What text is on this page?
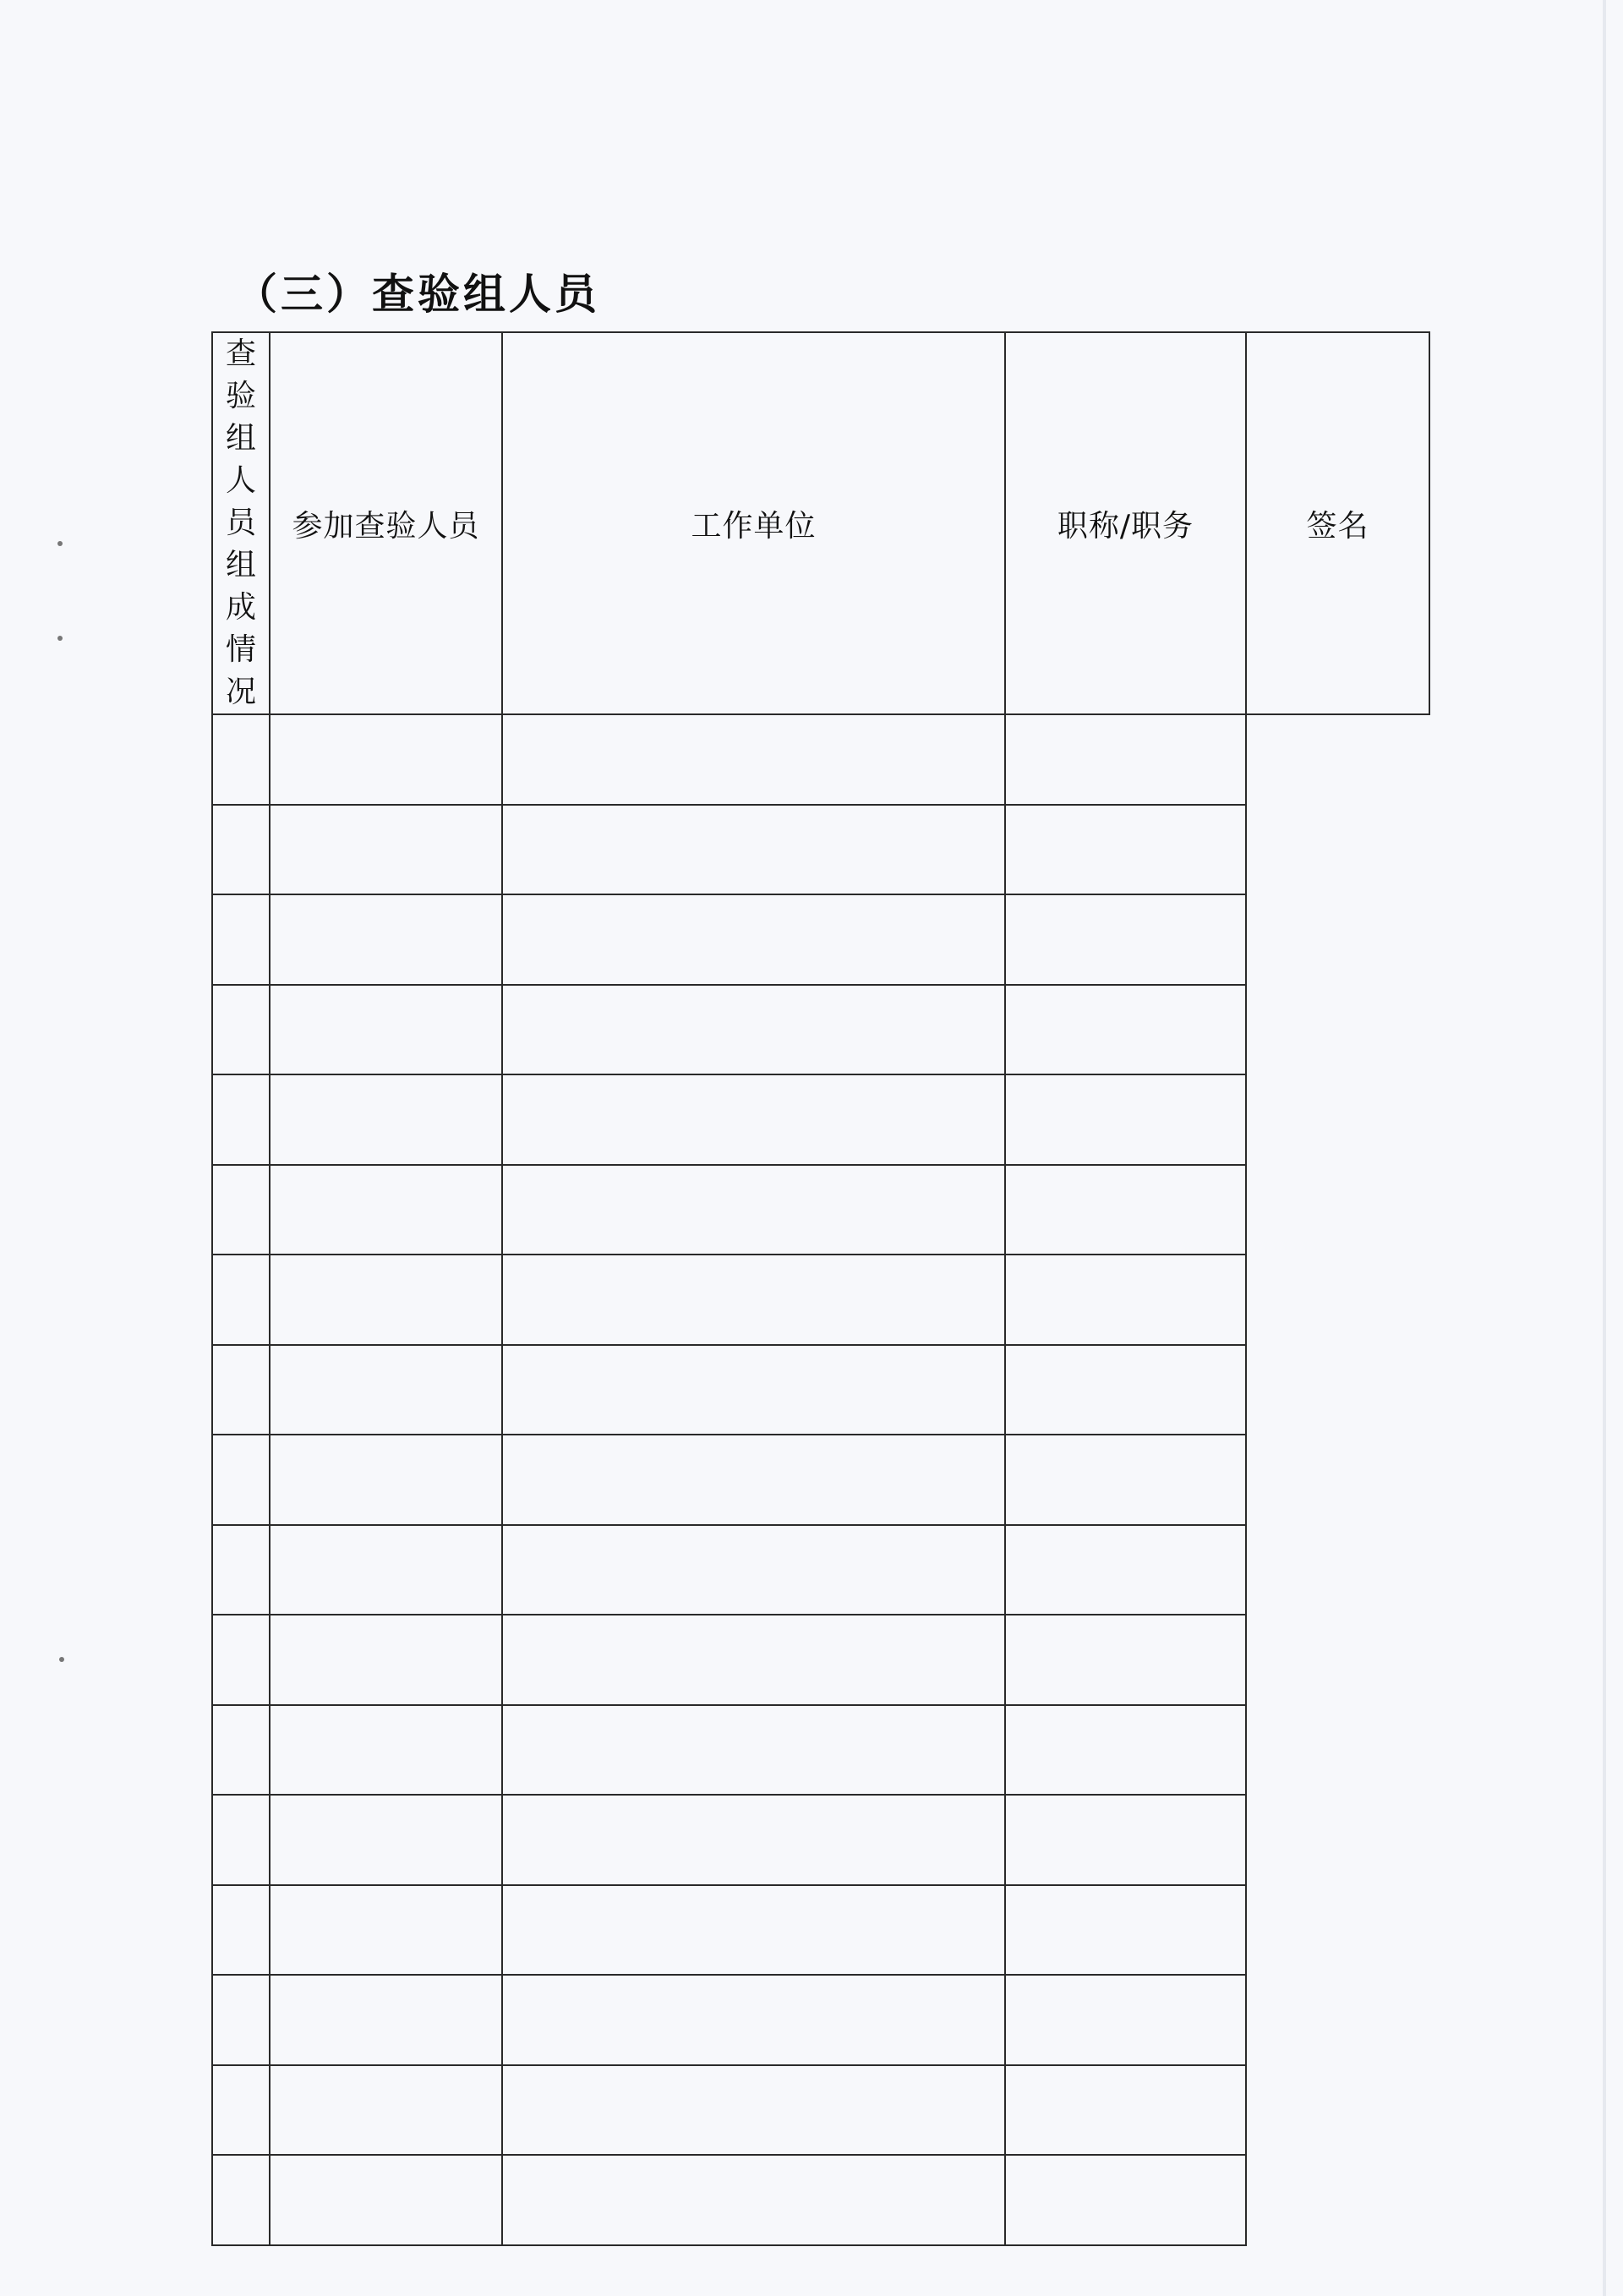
（三）查验组人员
查验组人员组成情况	参加查验人员	工作单位	职称/职务	签名
